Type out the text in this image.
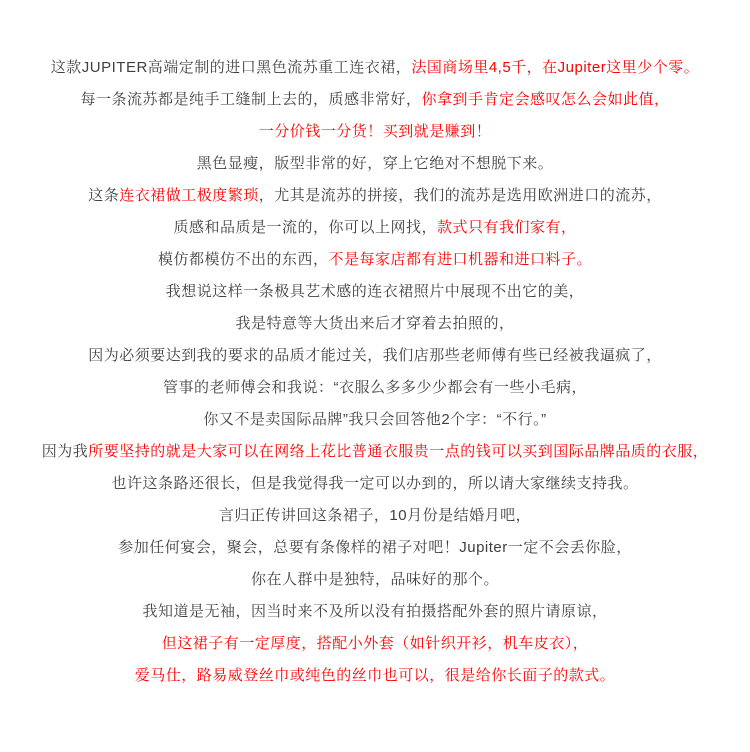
这款JUPITER高端定制的进口黑色流苏重工连衣裙，法国商场里4,5千，在Jupiter这里少个零。

每一条流苏都是纯手工缝制上去的，质感非常好，你拿到手肯定会感叹怎么会如此值，

一分价钱一分货！买到就是赚到！

黑色显瘦，版型非常的好，穿上它绝对不想脱下来。

这条连衣裙做工极度繁琐，尤其是流苏的拼接，我们的流苏是选用欧洲进口的流苏，

质感和品质是一流的，你可以上网找，款式只有我们家有，

模仿都模仿不出的东西，不是每家店都有进口机器和进口料子。

我想说这样一条极具艺术感的连衣裙照片中展现不出它的美，

我是特意等大货出来后才穿着去拍照的，

因为必须要达到我的要求的品质才能过关，我们店那些老师傅有些已经被我逼疯了，

管事的老师傅会和我说：“衣服么多多少少都会有一些小毛病，

你又不是卖国际品牌”我只会回答他2个字：“不行。”

因为我所要坚持的就是大家可以在网络上花比普通衣服贵一点的钱可以买到国际品牌品质的衣服，

也许这条路还很长，但是我觉得我一定可以办到的，所以请大家继续支持我。

言归正传讲回这条裙子，10月份是结婚月吧，

参加任何宴会，聚会，总要有条像样的裙子对吧！Jupiter一定不会丢你脸，

你在人群中是独特，品味好的那个。

我知道是无袖，因当时来不及所以没有拍摄搭配外套的照片请原谅，

但这裙子有一定厚度，搭配小外套（如针织开衫，机车皮衣），

爱马仕，路易威登丝巾或纯色的丝巾也可以，很是给你长面子的款式。
